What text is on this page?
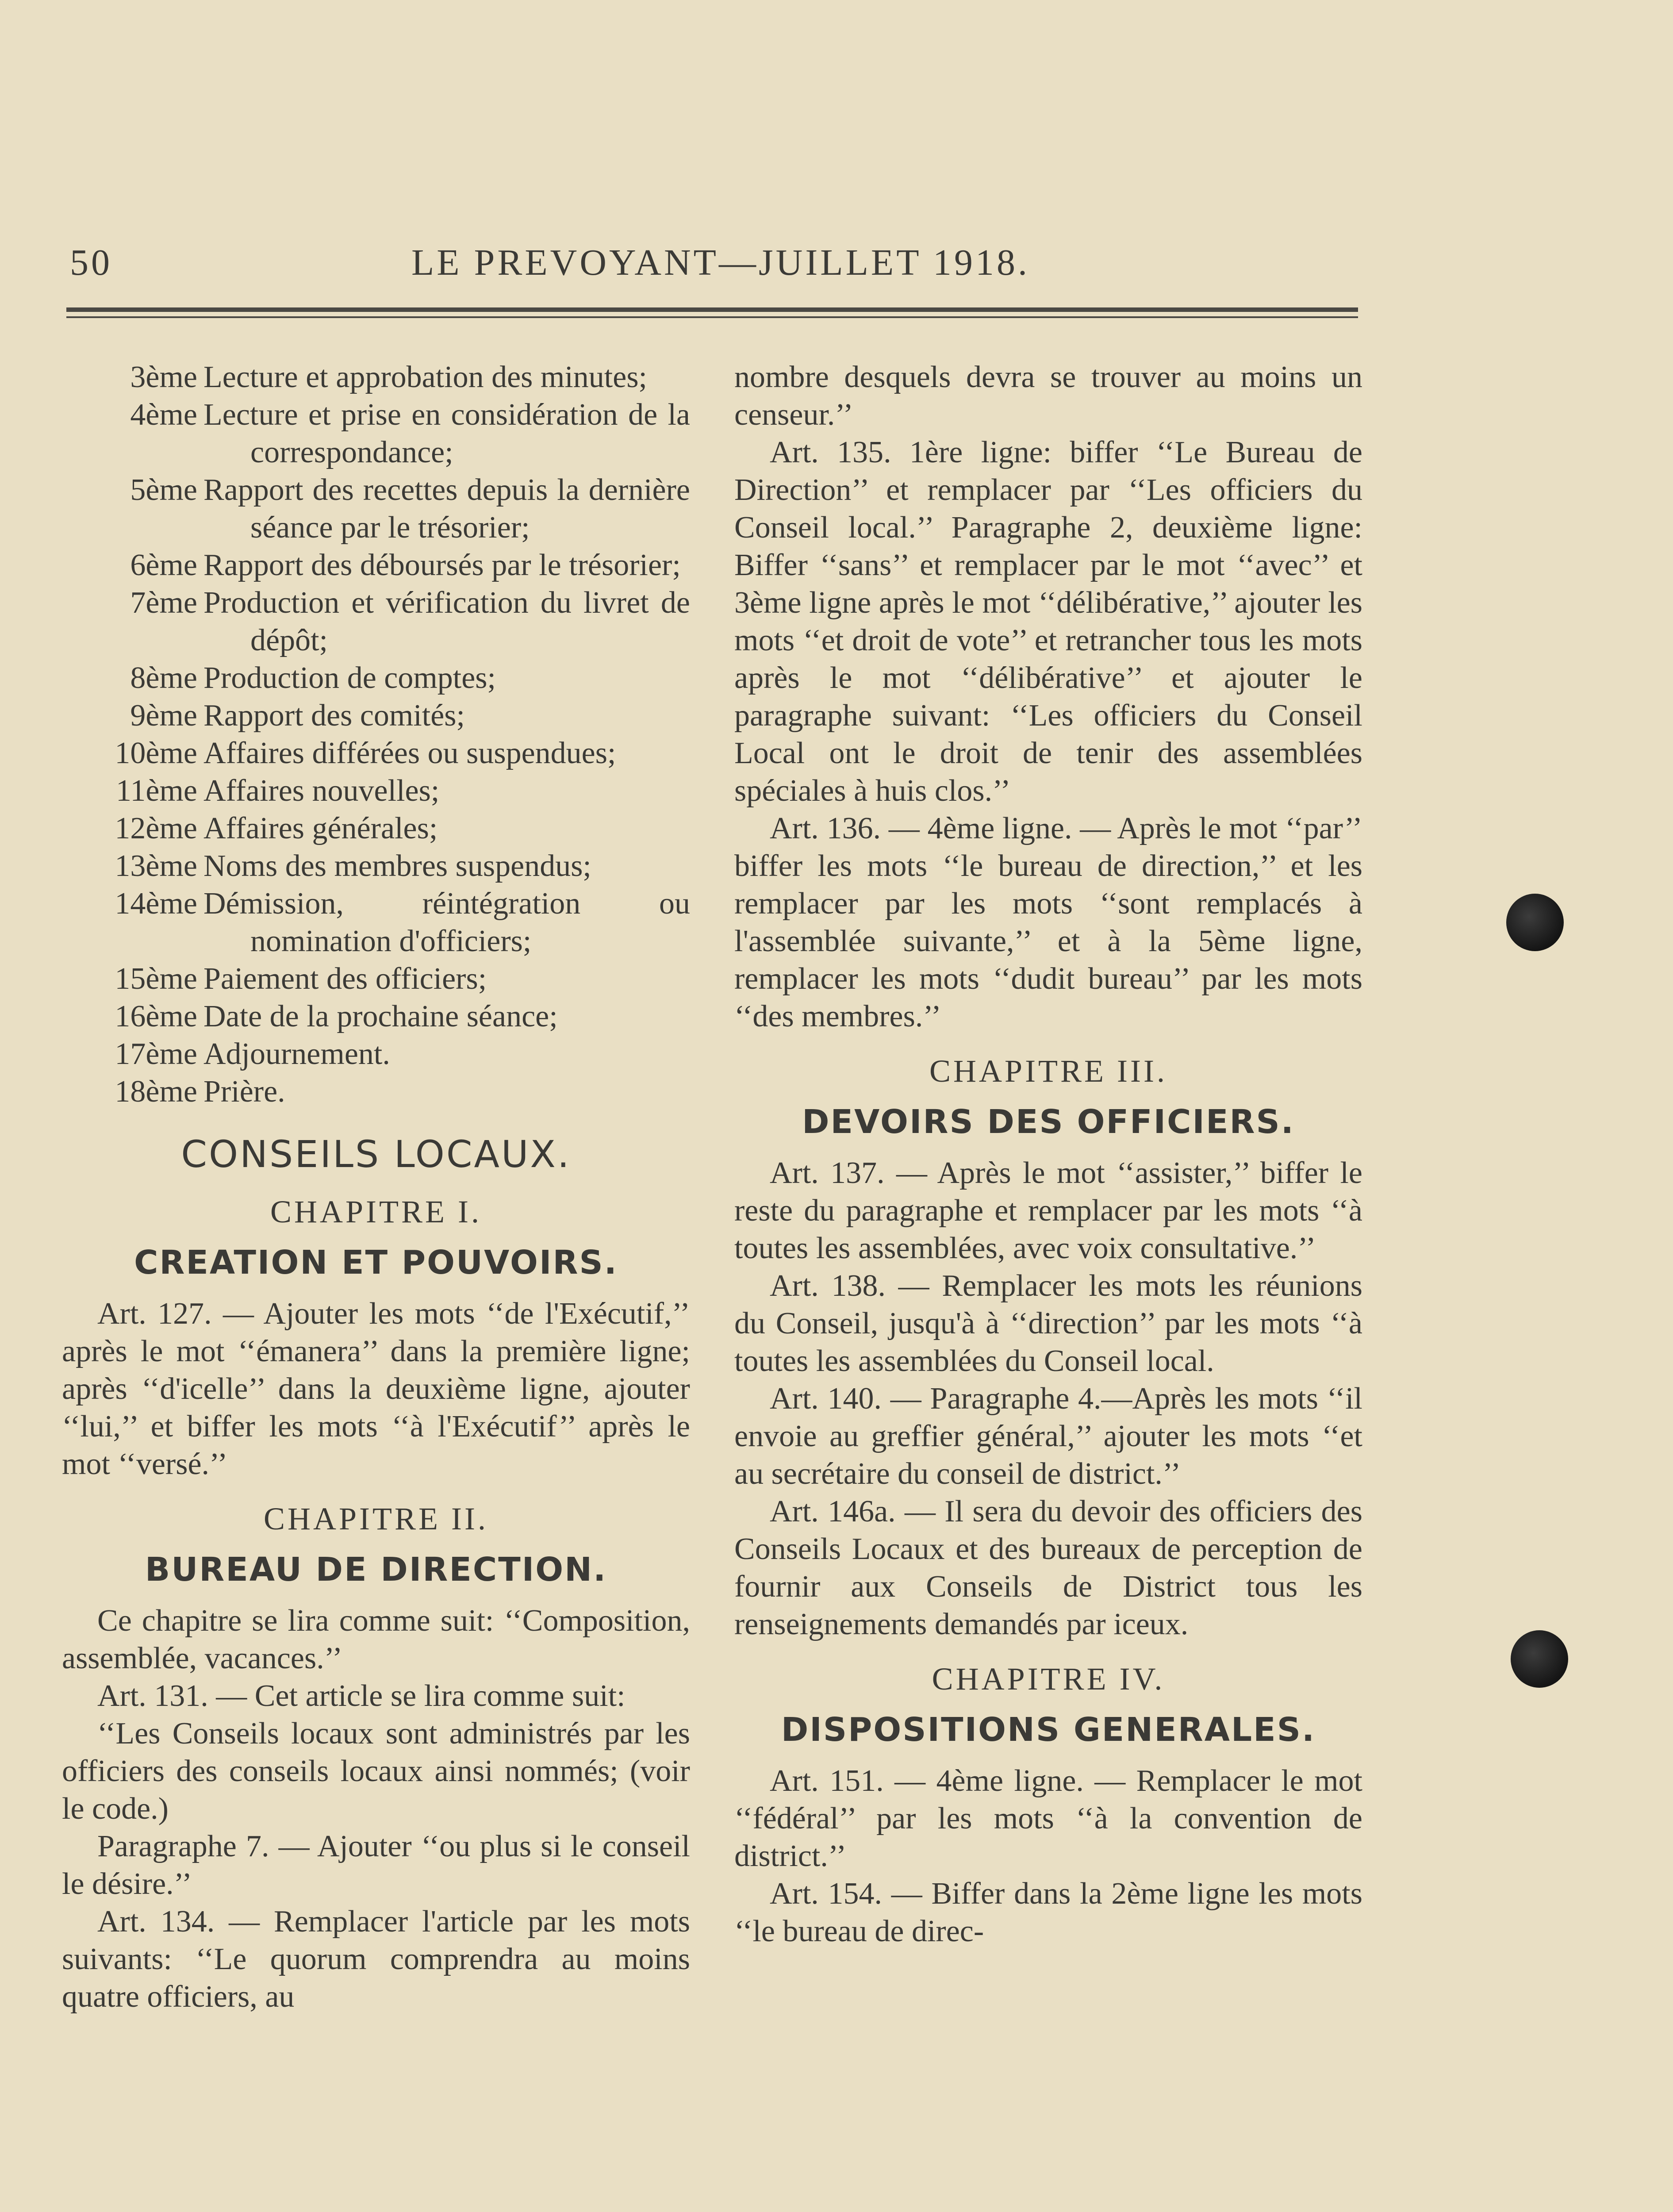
50	LE PREVOYANT—JUILLET 1918.
3ème Lecture et approbation des minutes;
4ème Lecture et prise en considération de la correspondance;
5ème Rapport des recettes depuis la dernière séance par le trésorier;
6ème Rapport des déboursés par le trésorier;
7ème Production et vérification du livret de dépôt;
8ème Production de comptes;
9ème Rapport des comités;
10ème Affaires différées ou suspendues;
11ème Affaires nouvelles;
12ème Affaires générales;
13ème Noms des membres suspendus;
14ème Démission, réintégration ou nomination d'officiers;
15ème Paiement des officiers;
16ème Date de la prochaine séance;
17ème Adjournement.
18ème Prière.
CONSEILS LOCAUX.
CHAPITRE I.
CREATION ET POUVOIRS.

Art. 127. — Ajouter les mots ‘‘de l'Exécutif,’’ après le mot ‘‘émanera’’ dans la première ligne; après ‘‘d'icelle’’ dans la deuxième ligne, ajouter ‘‘lui,’’ et biffer les mots ‘‘à l'Exécutif’’ après le mot ‘‘versé.’’

CHAPITRE II.
BUREAU DE DIRECTION.

Ce chapitre se lira comme suit: ‘‘Composition, assemblée, vacances.’’

Art. 131. — Cet article se lira comme suit:

‘‘Les Conseils locaux sont administrés par les officiers des conseils locaux ainsi nommés; (voir le code.)

Paragraphe 7. — Ajouter ‘‘ou plus si le conseil le désire.’’

Art. 134. — Remplacer l'article par les mots suivants: ‘‘Le quorum comprendra au moins quatre officiers, au

nombre desquels devra se trouver au moins un censeur.’’

Art. 135. 1ère ligne: biffer ‘‘Le Bureau de Direction’’ et remplacer par ‘‘Les officiers du Conseil local.’’ Paragraphe 2, deuxième ligne: Biffer ‘‘sans’’ et remplacer par le mot ‘‘avec’’ et 3ème ligne après le mot ‘‘délibérative,’’ ajouter les mots ‘‘et droit de vote’’ et retrancher tous les mots après le mot ‘‘délibérative’’ et ajouter le paragraphe suivant: ‘‘Les officiers du Conseil Local ont le droit de tenir des assemblées spéciales à huis clos.’’

Art. 136. — 4ème ligne. — Après le mot ‘‘par’’ biffer les mots ‘‘le bureau de direction,’’ et les remplacer par les mots ‘‘sont remplacés à l'assemblée suivante,’’ et à la 5ème ligne, remplacer les mots ‘‘dudit bureau’’ par les mots ‘‘des membres.’’

CHAPITRE III.
DEVOIRS DES OFFICIERS.

Art. 137. — Après le mot ‘‘assister,’’ biffer le reste du paragraphe et remplacer par les mots ‘‘à toutes les assemblées, avec voix consultative.’’

Art. 138. — Remplacer les mots les réunions du Conseil, jusqu'à à ‘‘direction’’ par les mots ‘‘à toutes les assemblées du Conseil local.

Art. 140. — Paragraphe 4.—Après les mots ‘‘il envoie au greffier général,’’ ajouter les mots ‘‘et au secrétaire du conseil de district.’’

Art. 146a. — Il sera du devoir des officiers des Conseils Locaux et des bureaux de perception de fournir aux Conseils de District tous les renseignements demandés par iceux.

CHAPITRE IV.
DISPOSITIONS GENERALES.

Art. 151. — 4ème ligne. — Remplacer le mot ‘‘fédéral’’ par les mots ‘‘à la convention de district.’’

Art. 154. — Biffer dans la 2ème ligne les mots ‘‘le bureau de direc-
